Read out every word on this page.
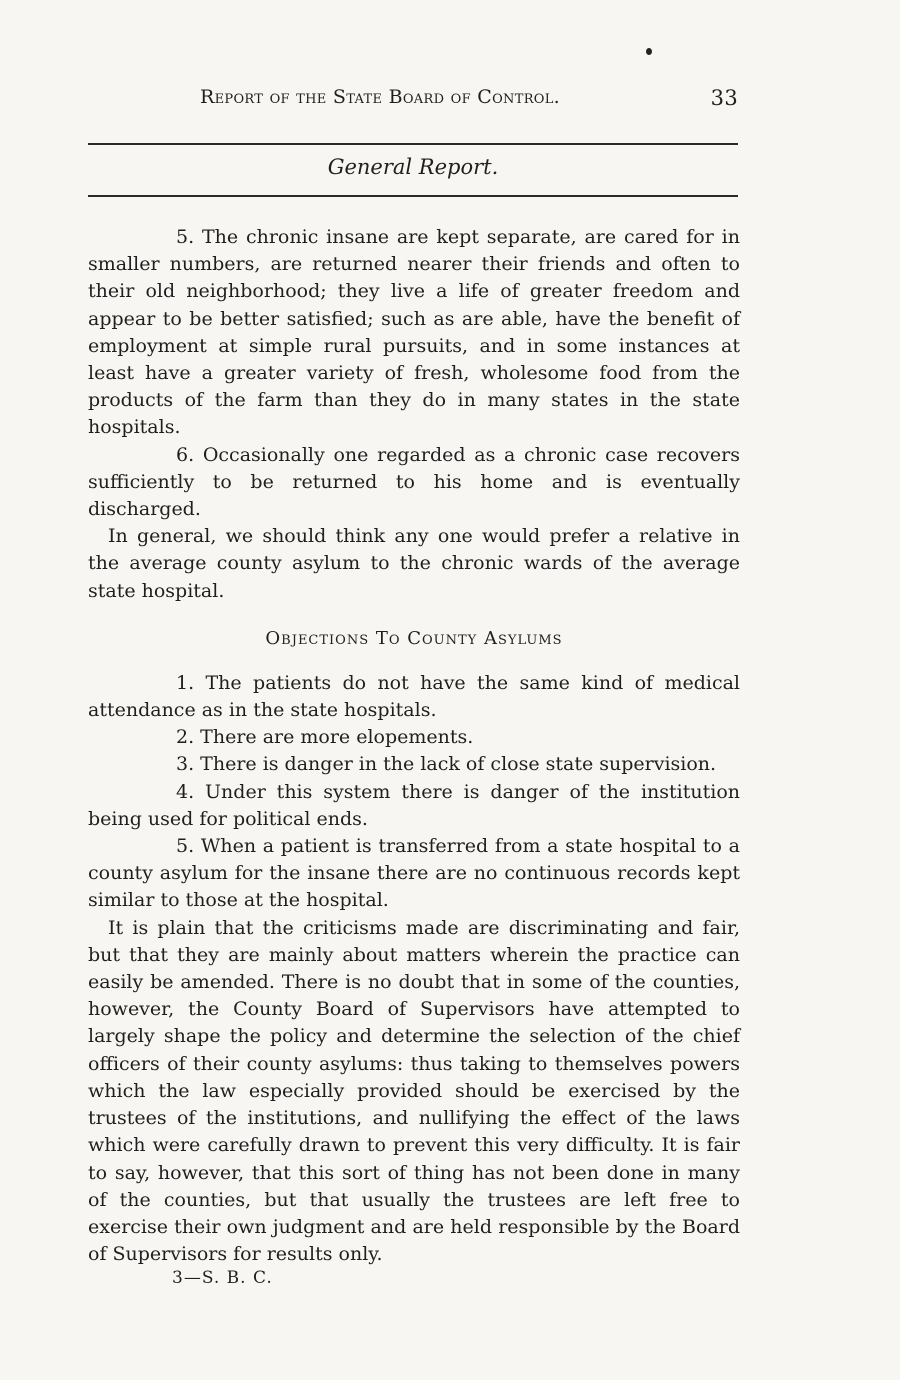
Report of the State Board of Control.	33
General Report.

5. The chronic insane are kept separate, are cared for in smaller numbers, are returned nearer their friends and often to their old neighborhood; they live a life of greater freedom and appear to be better satisfied; such as are able, have the benefit of employment at simple rural pursuits, and in some instances at least have a greater variety of fresh, wholesome food from the products of the farm than they do in many states in the state hospitals.

6. Occasionally one regarded as a chronic case recovers sufficiently to be returned to his home and is eventually discharged.

In general, we should think any one would prefer a relative in the average county asylum to the chronic wards of the average state hospital.

Objections To County Asylums

1. The patients do not have the same kind of medical attendance as in the state hospitals.

2. There are more elopements.

3. There is danger in the lack of close state supervision.

4. Under this system there is danger of the institution being used for political ends.

5. When a patient is transferred from a state hospital to a county asylum for the insane there are no continuous records kept similar to those at the hospital.

It is plain that the criticisms made are discriminating and fair, but that they are mainly about matters wherein the practice can easily be amended. There is no doubt that in some of the counties, however, the County Board of Supervisors have attempted to largely shape the policy and determine the selection of the chief officers of their county asylums: thus taking to themselves powers which the law especially provided should be exercised by the trustees of the institutions, and nullifying the effect of the laws which were carefully drawn to prevent this very difficulty. It is fair to say, however, that this sort of thing has not been done in many of the counties, but that usually the trustees are left free to exercise their own judgment and are held responsible by the Board of Supervisors for results only.

3—S. B. C.
